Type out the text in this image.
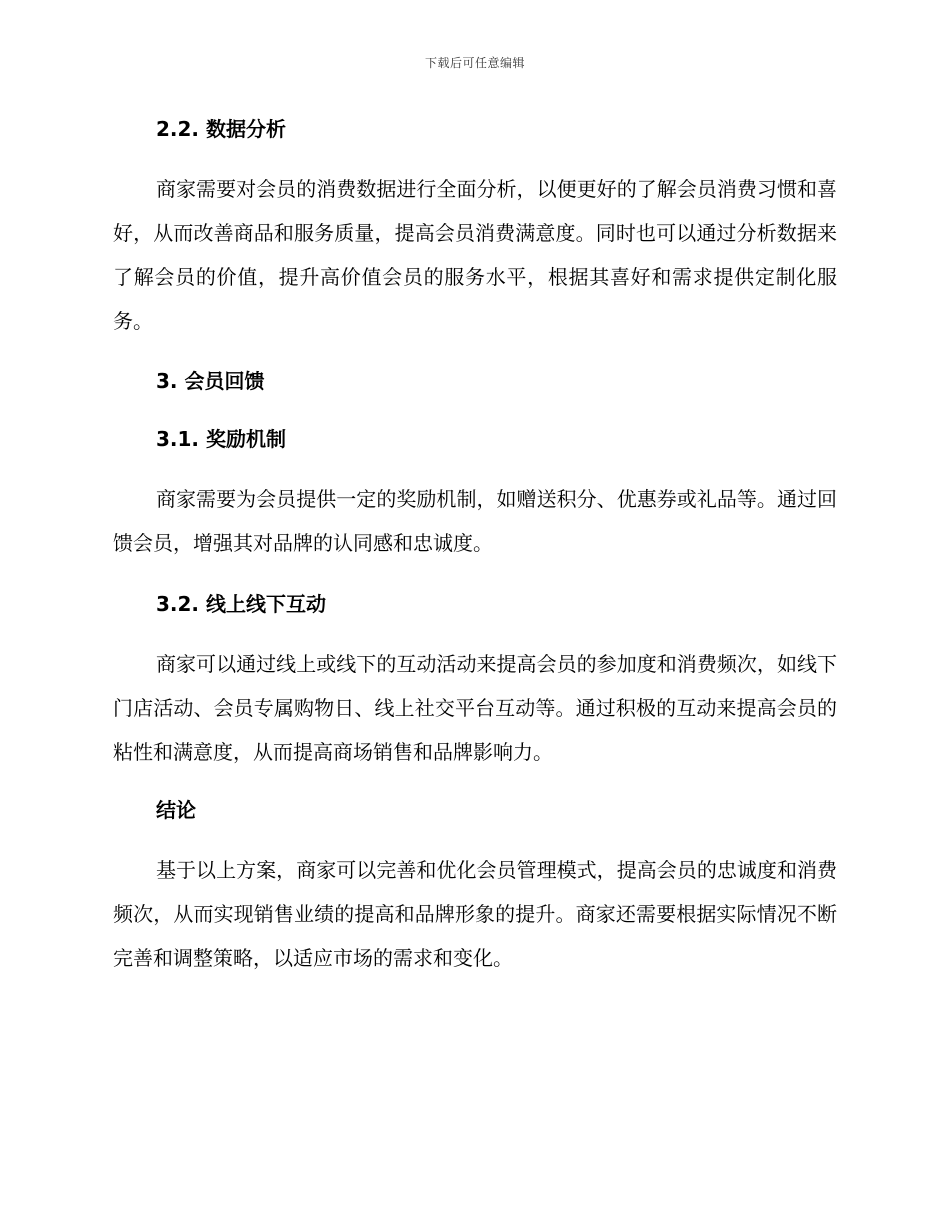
下载后可任意编辑
2.2. 数据分析

商家需要对会员的消费数据进行全面分析，以便更好的了解会员消费习惯和喜好，从而改善商品和服务质量，提高会员消费满意度。同时也可以通过分析数据来了解会员的价值，提升高价值会员的服务水平，根据其喜好和需求提供定制化服务。

3. 会员回馈
3.1. 奖励机制

商家需要为会员提供一定的奖励机制，如赠送积分、优惠券或礼品等。通过回馈会员，增强其对品牌的认同感和忠诚度。

3.2. 线上线下互动

商家可以通过线上或线下的互动活动来提高会员的参加度和消费频次，如线下门店活动、会员专属购物日、线上社交平台互动等。通过积极的互动来提高会员的粘性和满意度，从而提高商场销售和品牌影响力。

结论

基于以上方案，商家可以完善和优化会员管理模式，提高会员的忠诚度和消费频次，从而实现销售业绩的提高和品牌形象的提升。商家还需要根据实际情况不断完善和调整策略，以适应市场的需求和变化。
